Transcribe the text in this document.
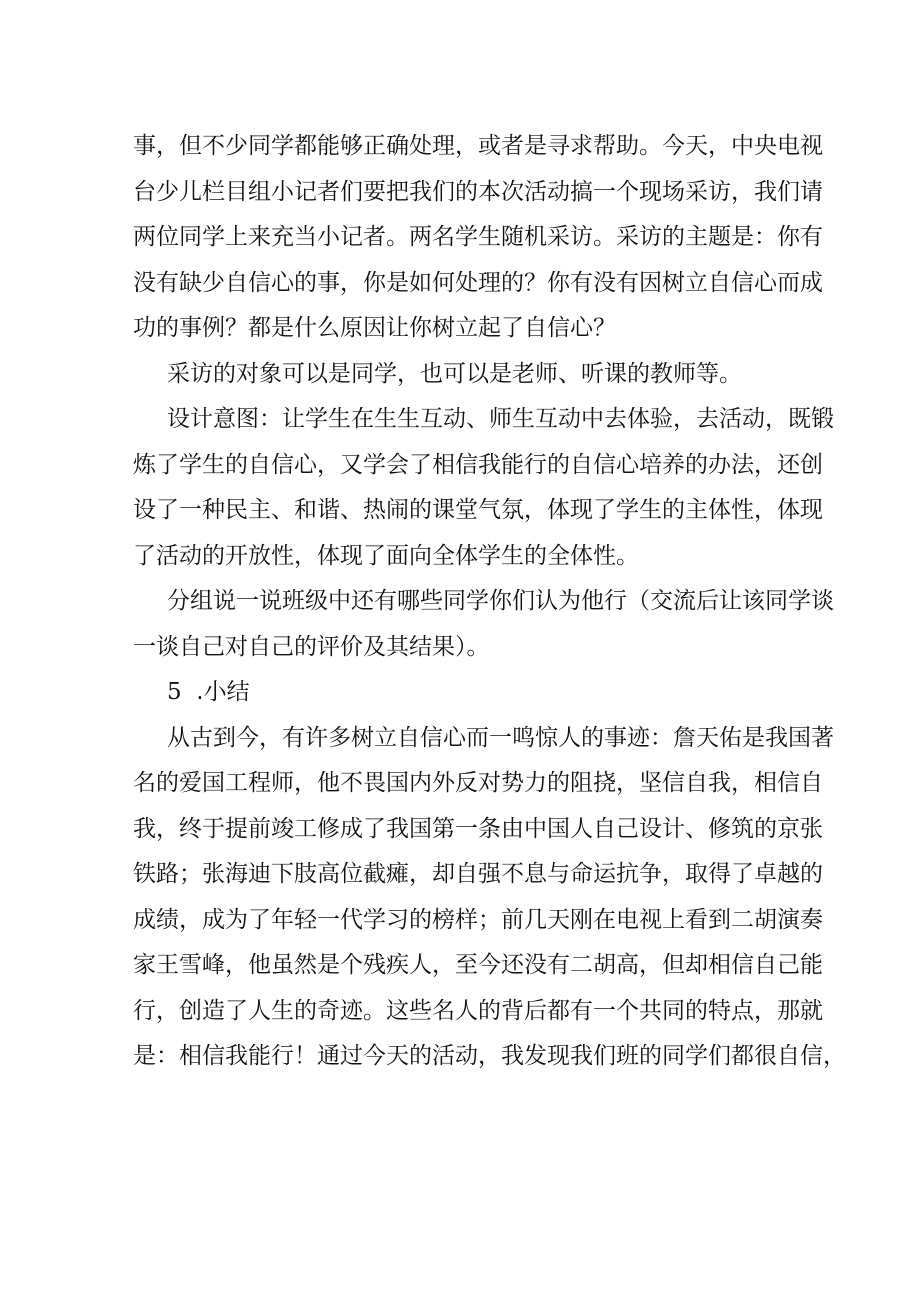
事，但不少同学都能够正确处理，或者是寻求帮助。今天，中央电视
台少儿栏目组小记者们要把我们的本次活动搞一个现场采访，我们请
两位同学上来充当小记者。两名学生随机采访。采访的主题是：你有
没有缺少自信心的事，你是如何处理的？你有没有因树立自信心而成
功的事例？都是什么原因让你树立起了自信心？
采访的对象可以是同学，也可以是老师、听课的教师等。
设计意图：让学生在生生互动、师生互动中去体验，去活动，既锻
炼了学生的自信心，又学会了相信我能行的自信心培养的办法，还创
设了一种民主、和谐、热闹的课堂气氛，体现了学生的主体性，体现
了活动的开放性，体现了面向全体学生的全体性。
分组说一说班级中还有哪些同学你们认为他行（交流后让该同学谈
一谈自己对自己的评价及其结果）。
5 .小结
从古到今，有许多树立自信心而一鸣惊人的事迹：詹天佑是我国著
名的爱国工程师，他不畏国内外反对势力的阻挠，坚信自我，相信自
我，终于提前竣工修成了我国第一条由中国人自己设计、修筑的京张
铁路；张海迪下肢高位截瘫，却自强不息与命运抗争，取得了卓越的
成绩，成为了年轻一代学习的榜样；前几天刚在电视上看到二胡演奏
家王雪峰，他虽然是个残疾人，至今还没有二胡高，但却相信自己能
行，创造了人生的奇迹。这些名人的背后都有一个共同的特点，那就
是：相信我能行！通过今天的活动，我发现我们班的同学们都很自信，
